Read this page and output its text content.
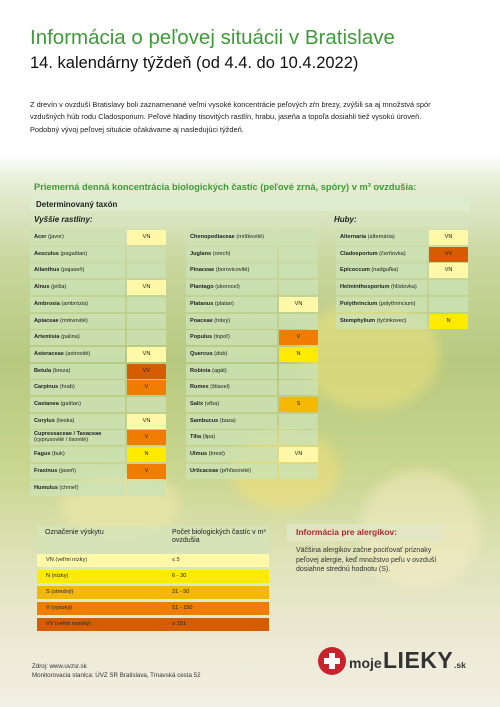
Informácia o peľovej situácii v Bratislave
14. kalendárny týždeň (od 4.4. do 10.4.2022)
Z drevín v ovzduší Bratislavy boli zaznamenané veľmi vysoké koncentrácie peľových zŕn brezy, zvýšili sa aj množstvá spór vzdušných húb rodu Cladosporium. Peľové hladiny tisovitých rastlín, hrabu, jaseňa a topoľa dosiahli tiež vysokú úroveň. Podobný vývoj peľovej situácie očakávame aj nasledujúci týždeň.
Priemerná denná koncentrácia biologických častíc (peľové zrná, spóry) v m³ ovzdušia:
Determinovaný taxón
Vyššie rastliny:	Huby:
Acer (javor)	VN
Aesculus (pagaštan)
Ailanthus (pajaseň)
Alnus (jelša)	VN
Ambrosia (ambrózia)
Apiaceae (mrkvovité)
Artemisia (palina)
Asteraceae (astrovité)	VN
Betula (breza)	VV
Carpinus (hrab)	V
Castanea (gaštan)
Corylus (lieska)	VN
Cupressaceae / Taxaceae
(cyprusovité / tisovité)	V
Fagus (buk)	N
Fraxinus (jaseň)	V
Humulus (chmeľ)
Chenopodiaceae (mrlíkovité)
Juglans (orech)
Pinaceae (borovicovité)
Plantago (skorocel)
Platanus (platan)	VN
Poaceae (trávy)
Populus (topoľ)	V
Quercus (dub)	N
Robinia (agát)
Rumex (štiavel)
Salix (vŕba)	S
Sambucus (baza)
Tilia (lipa)
Ulmus (brest)	VN
Urticaceae (pŕhľavovité)
Alternaria (alternária)	VN
Cladosporium (čerňovka)	VV
Epicoccum (nadguľka)	VN
Helminthosporium (hlístovka)
Polythrincium (polythrincium)
Stemphylium (tyčinkovec)	N
Označenie výskytu	Počet biologických častíc v m³ ovzdušia
VN (veľmi nízky)	≤ 5
N (nízky)	6 - 30
S (stredný)	31 - 50
V (vysoký)	51 - 150
VV (veľmi vysoký)	≥ 151
Informácia pre alergikov:
Väčšina alergikov začne pociťovať príznaky peľovej alergie, keď množstvo peľu v ovzduší dosiahne strednú hodnotu (S).
Zdroj: www.uvzsr.sk
Monitorovacia stanica: ÚVZ SR Bratislava, Trnavská cesta 52
moje LIEKY .sk
